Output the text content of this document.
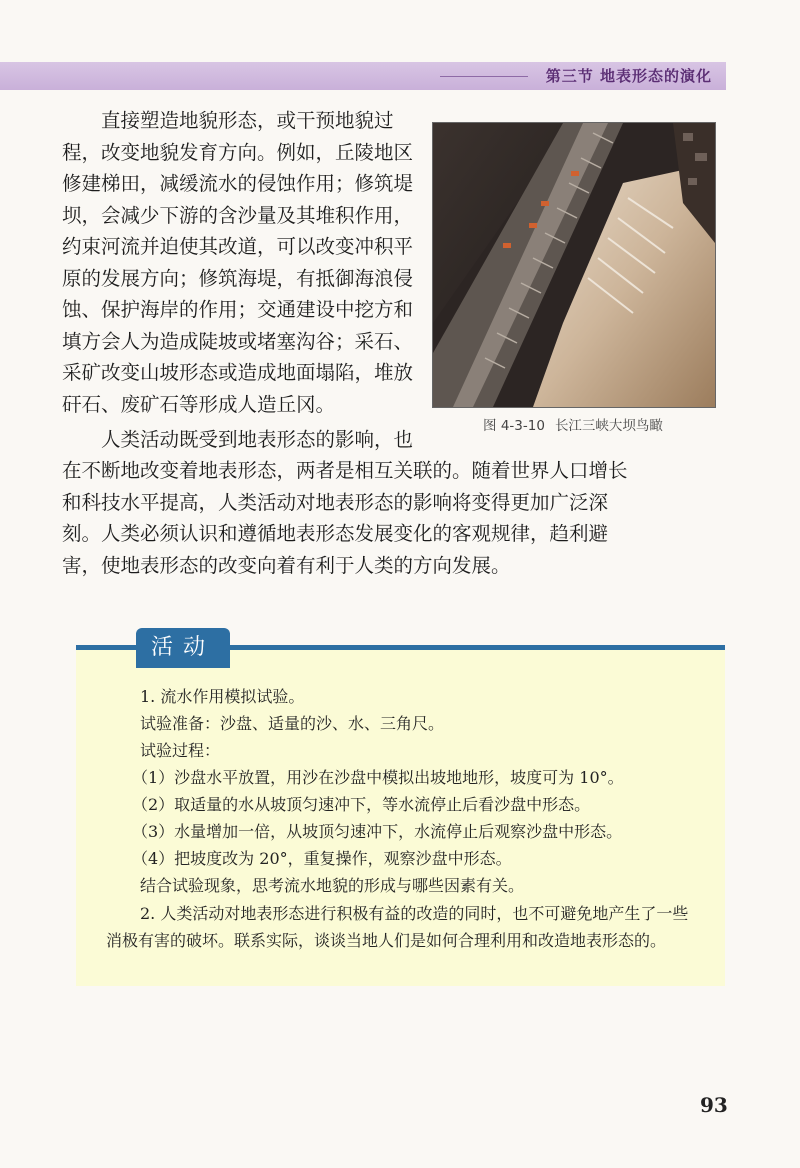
第三节 地表形态的演化

直接塑造地貌形态，或干预地貌过程，改变地貌发育方向。例如，丘陵地区修建梯田，减缓流水的侵蚀作用；修筑堤坝，会减少下游的含沙量及其堆积作用，约束河流并迫使其改道，可以改变冲积平原的发展方向；修筑海堤，有抵御海浪侵蚀、保护海岸的作用；交通建设中挖方和填方会人为造成陡坡或堵塞沟谷；采石、采矿改变山坡形态或造成地面塌陷，堆放矸石、废矿石等形成人造丘冈。

人类活动既受到地表形态的影响，也

在不断地改变着地表形态，两者是相互关联的。随着世界人口增长和科技水平提高，人类活动对地表形态的影响将变得更加广泛深刻。人类必须认识和遵循地表形态发展变化的客观规律，趋利避害，使地表形态的改变向着有利于人类的方向发展。

图 4-3-10 长江三峡大坝鸟瞰
活动
1. 流水作用模拟试验。
试验准备：沙盘、适量的沙、水、三角尺。
试验过程：
（1）沙盘水平放置，用沙在沙盘中模拟出坡地地形，坡度可为 10°。
（2）取适量的水从坡顶匀速冲下，等水流停止后看沙盘中形态。
（3）水量增加一倍，从坡顶匀速冲下，水流停止后观察沙盘中形态。
（4）把坡度改为 20°，重复操作，观察沙盘中形态。
结合试验现象，思考流水地貌的形成与哪些因素有关。
2. 人类活动对地表形态进行积极有益的改造的同时，也不可避免地产生了一些消极有害的破坏。联系实际，谈谈当地人们是如何合理利用和改造地表形态的。
93
